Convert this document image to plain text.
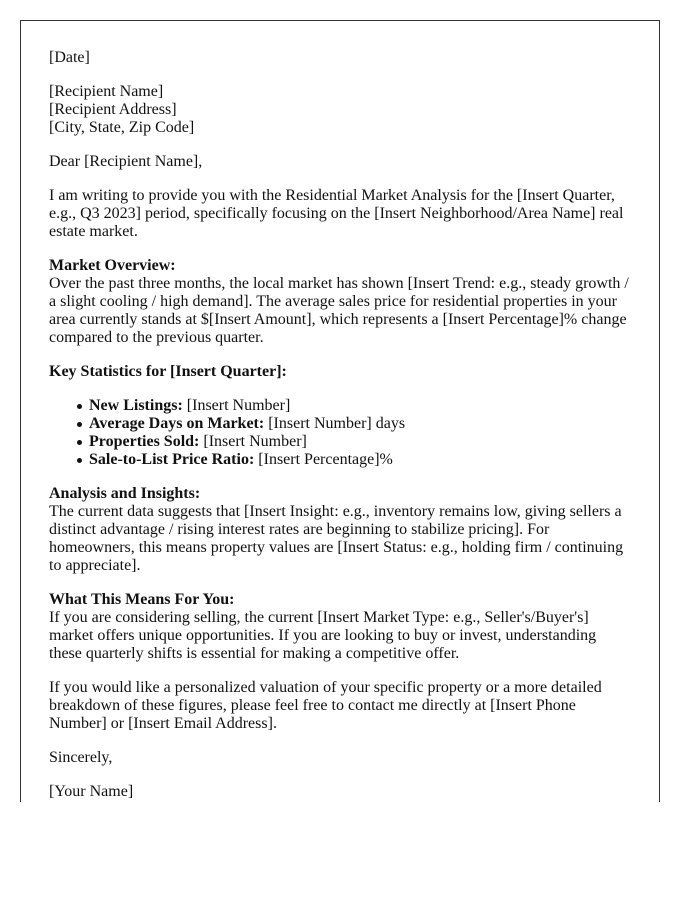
[Date]

[Recipient Name]
[Recipient Address]
[City, State, Zip Code]

Dear [Recipient Name],

I am writing to provide you with the Residential Market Analysis for the [Insert Quarter, e.g., Q3 2023] period, specifically focusing on the [Insert Neighborhood/Area Name] real estate market.

Market Overview:
Over the past three months, the local market has shown [Insert Trend: e.g., steady growth / a slight cooling / high demand]. The average sales price for residential properties in your area currently stands at $[Insert Amount], which represents a [Insert Percentage]% change compared to the previous quarter.

Key Statistics for [Insert Quarter]:

New Listings: [Insert Number]
Average Days on Market: [Insert Number] days
Properties Sold: [Insert Number]
Sale-to-List Price Ratio: [Insert Percentage]%

Analysis and Insights:
The current data suggests that [Insert Insight: e.g., inventory remains low, giving sellers a distinct advantage / rising interest rates are beginning to stabilize pricing]. For homeowners, this means property values are [Insert Status: e.g., holding firm / continuing to appreciate].

What This Means For You:
If you are considering selling, the current [Insert Market Type: e.g., Seller's/Buyer's] market offers unique opportunities. If you are looking to buy or invest, understanding these quarterly shifts is essential for making a competitive offer.

If you would like a personalized valuation of your specific property or a more detailed breakdown of these figures, please feel free to contact me directly at [Insert Phone Number] or [Insert Email Address].

Sincerely,

[Your Name]
